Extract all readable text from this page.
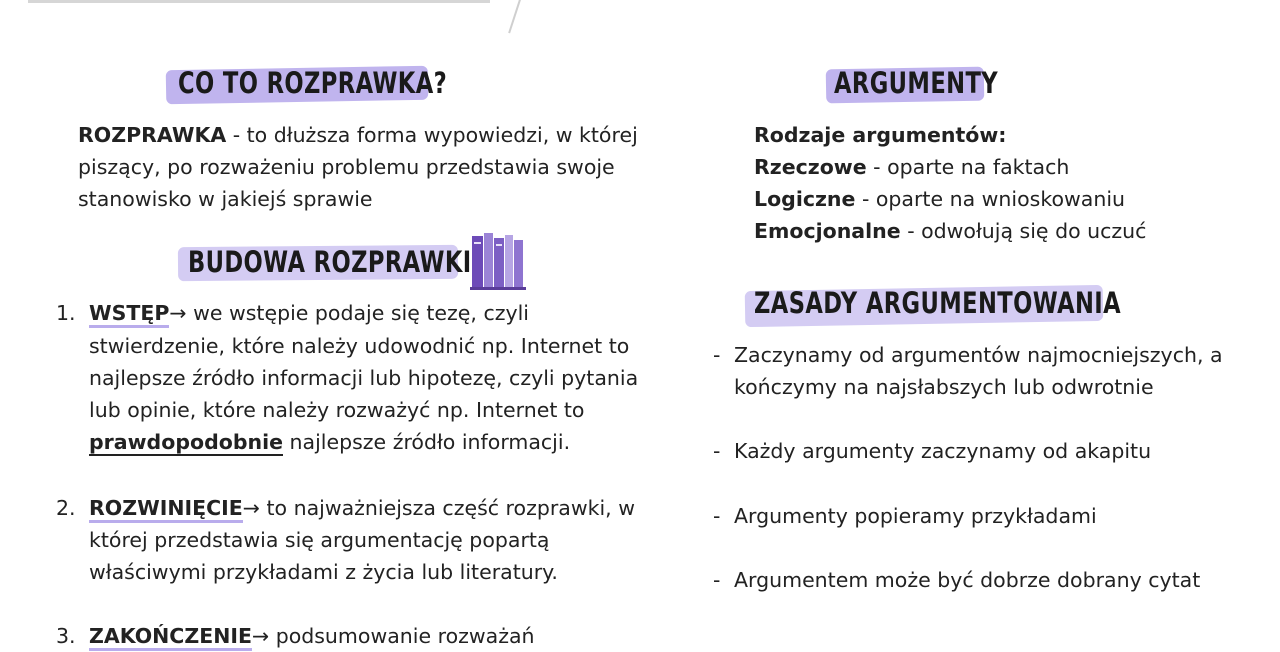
CO TO ROZPRAWKA?
ROZPRAWKA - to dłuższa forma wypowiedzi, w której
piszący, po rozważeniu problemu przedstawia swoje
stanowisko w jakiejś sprawie
BUDOWA ROZPRAWKI
1. WSTĘP→ we wstępie podaje się tezę, czyli
stwierdzenie, które należy udowodnić np. Internet to
najlepsze źródło informacji lub hipotezę, czyli pytania
lub opinie, które należy rozważyć np. Internet to
prawdopodobnie najlepsze źródło informacji.
2. ROZWINIĘCIE→ to najważniejsza część rozprawki, w
której przedstawia się argumentację popartą
właściwymi przykładami z życia lub literatury.
3. ZAKOŃCZENIE→ podsumowanie rozważań
ARGUMENTY
Rodzaje argumentów:
Rzeczowe - oparte na faktach
Logiczne - oparte na wnioskowaniu
Emocjonalne - odwołują się do uczuć
ZASADY ARGUMENTOWANIA
- Zaczynamy od argumentów najmocniejszych, a
kończymy na najsłabszych lub odwrotnie
- Każdy argumenty zaczynamy od akapitu
- Argumenty popieramy przykładami
- Argumentem może być dobrze dobrany cytat
